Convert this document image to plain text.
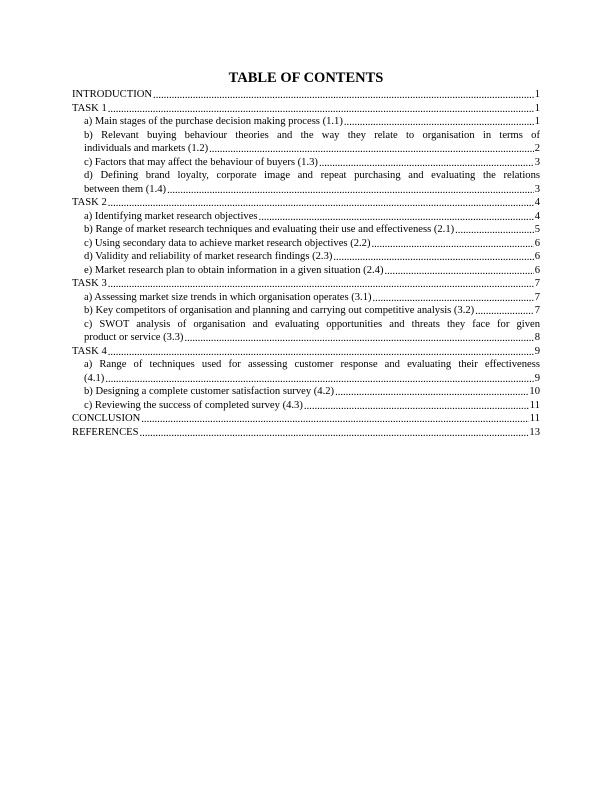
TABLE OF CONTENTS
INTRODUCTION .....	1
TASK 1 .....	1
a) Main stages of the purchase decision making process (1.1) .....	1
b) Relevant buying behaviour theories and the way they relate to organisation in terms of
individuals and markets (1.2) .....	2
c) Factors that may affect the behaviour of buyers (1.3) .....	3
d) Defining brand loyalty, corporate image and repeat purchasing and evaluating the relations
between them (1.4) .....	3
TASK 2 .....	4
a) Identifying market research objectives .....	4
b) Range of market research techniques and evaluating their use and effectiveness (2.1) .....	5
c) Using secondary data to achieve market research objectives (2.2) .....	6
d) Validity and reliability of market research findings (2.3) .....	6
e) Market research plan to obtain information in a given situation (2.4) .....	6
TASK 3 .....	7
a) Assessing market size trends in which organisation operates (3.1) .....	7
b) Key competitors of organisation and planning and carrying out competitive analysis (3.2) .....	7
c) SWOT analysis of organisation and evaluating opportunities and threats they face for given
product or service (3.3) .....	8
TASK 4 .....	9
a) Range of techniques used for assessing customer response and evaluating their effectiveness
(4.1) .....	9
b) Designing a complete customer satisfaction survey (4.2) .....	10
c) Reviewing the success of completed survey (4.3) .....	11
CONCLUSION .....	11
REFERENCES .....	13
